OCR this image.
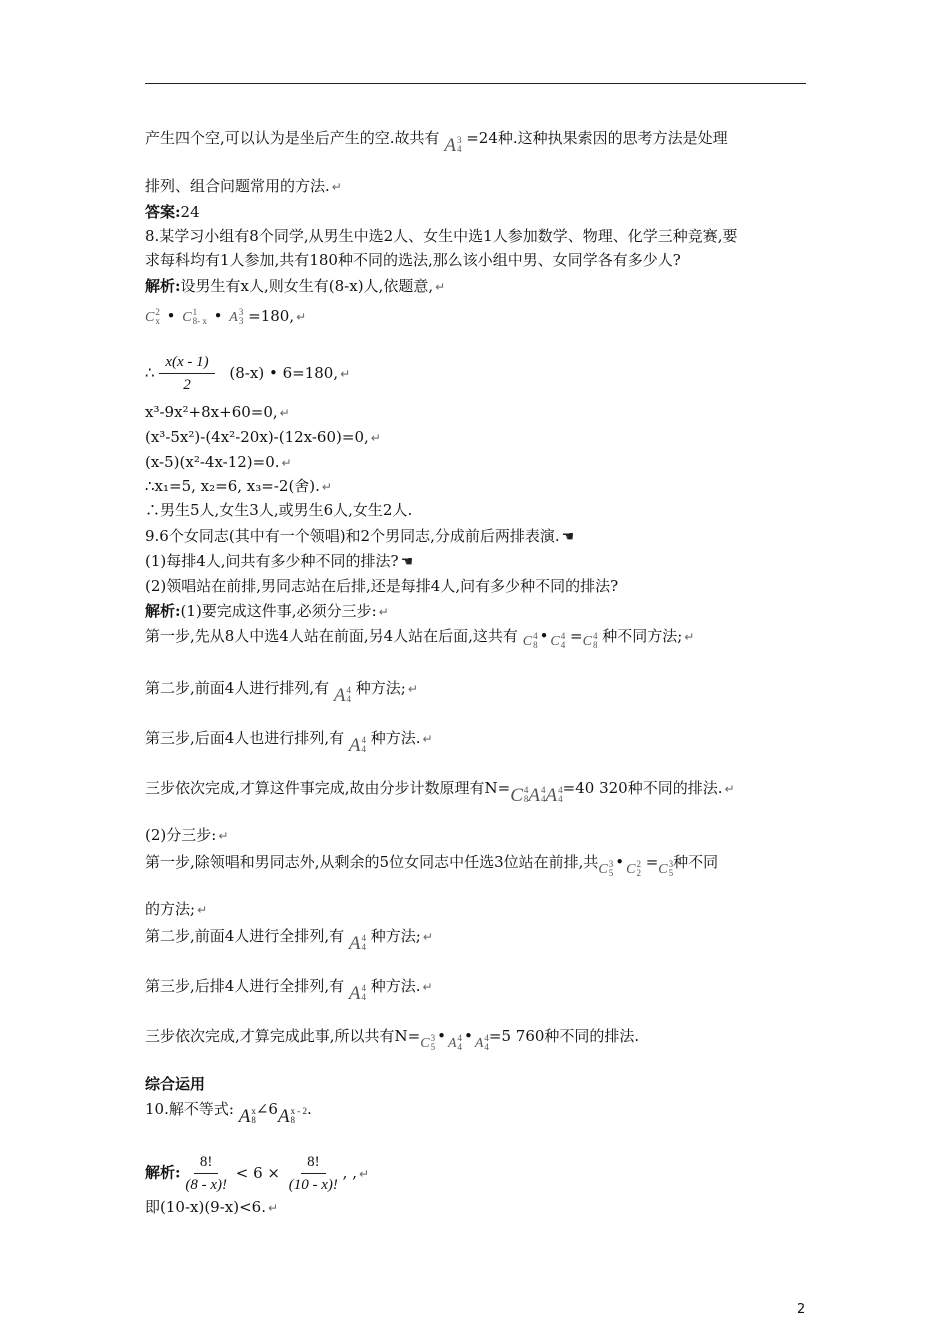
产生四个空,可以认为是坐后产生的空.故共有 A 3
4
=24种.这种执果索因的思考方法是处理
排列、组合问题常用的方法. ↵
答案:24
8.某学习小组有8个同学,从男生中选2人、女生中选1人参加数学、物理、化学三种竞赛,要
求每科均有1人参加,共有180种不同的选法,那么该小组中男、女同学各有多少人?
解析:设男生有x人,则女生有(8-x)人,依题意, ↵
C 2
x • C 1
8- x • A 3
3 =180, ↵
∴ $\frac{x(x - 1)}{2} (8-x)$ • 6=180, ↵
x³-9x²+8x+60=0, ↵
(x³-5x²)-(4x²-20x)-(12x-60)=0, ↵
(x-5)(x²-4x-12)=0. ↵
∴x₁=5, x₂=6, x₃=-2(舍). ↵
∴男生5人,女生3人,或男生6人,女生2人.
9.6个女同志(其中有一个领唱)和2个男同志,分成前后两排表演. ☚
(1)每排4人,问共有多少种不同的排法? ☚
(2)领唱站在前排,男同志站在后排,还是每排4人,问有多少种不同的排法?
解析:(1)要完成这件事,必须分三步: ↵
第一步,先从8人中选4人站在前面,另4人站在后面,这共有 C 4
8 • C 4
4 = C 4
8 种不同方法; ↵
第二步,前面4人进行排列,有 A 4
4
种方法; ↵
第三步,后面4人也进行排列,有 A 4
4
种方法. ↵
三步依次完成,才算这件事完成,故由分步计数原理有N= C 4
8 A 4
4 A 4
4
=40 320种不同的排法. ↵
(2)分三步: ↵
第一步,除领唱和男同志外,从剩余的5位女同志中任选3位站在前排,共 C 3
5
• C 2
2
= C 3
5
种不同
的方法; ↵
第二步,前面4人进行全排列,有 A 4
4
种方法; ↵
第三步,后排4人进行全排列,有 A 4
4
种方法. ↵
三步依次完成,才算完成此事,所以共有N= C 3
5
• A 4
4
• A 4
4
=5 760种不同的排法.
综合运用
10.解不等式: A x
8
∠6 A x - 2
8
.
解析: $\frac{8!}{(8 - x)!} < 6 \times \frac{8!}{(10 - x)!}$ , , ↵
即(10-x)(9-x)<6. ↵
2
